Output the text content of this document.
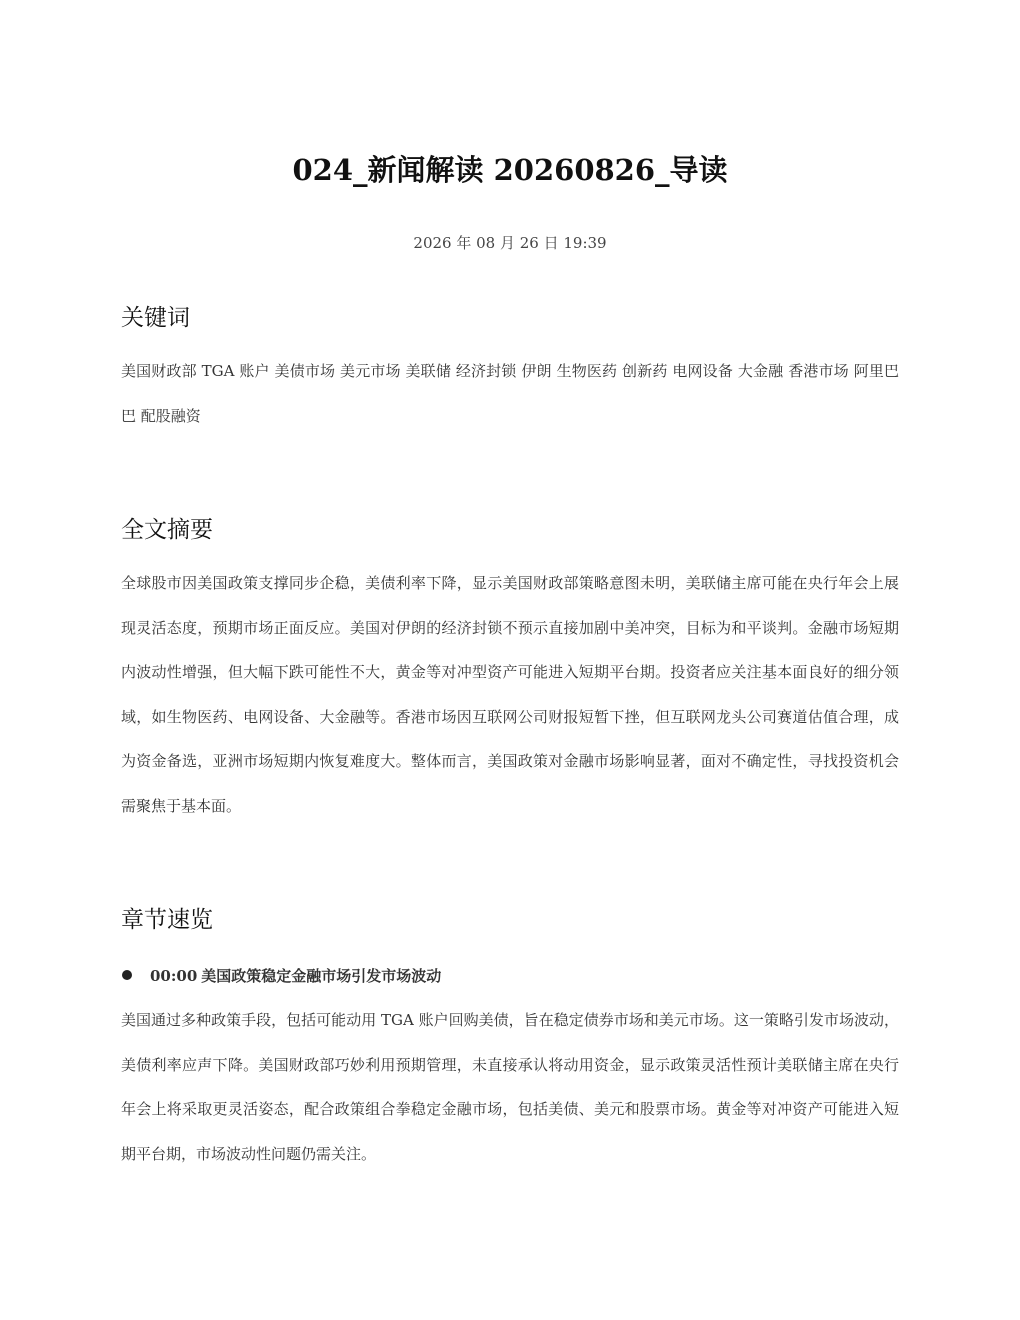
024_新闻解读 20260826_导读
2026 年 08 月 26 日 19:39
关键词

美国财政部 TGA 账户 美债市场 美元市场 美联储 经济封锁 伊朗 生物医药 创新药 电网设备 大金融 香港市场 阿里巴巴 配股融资

全文摘要

全球股市因美国政策支撑同步企稳，美债利率下降，显示美国财政部策略意图未明，美联储主席可能在央行年会上展现灵活态度，预期市场正面反应。美国对伊朗的经济封锁不预示直接加剧中美冲突，目标为和平谈判。金融市场短期内波动性增强，但大幅下跌可能性不大，黄金等对冲型资产可能进入短期平台期。投资者应关注基本面良好的细分领域，如生物医药、电网设备、大金融等。香港市场因互联网公司财报短暂下挫，但互联网龙头公司赛道估值合理，成为资金备选，亚洲市场短期内恢复难度大。整体而言，美国政策对金融市场影响显著，面对不确定性，寻找投资机会需聚焦于基本面。

章节速览
00:00 美国政策稳定金融市场引发市场波动

美国通过多种政策手段，包括可能动用 TGA 账户回购美债，旨在稳定债券市场和美元市场。这一策略引发市场波动，美债利率应声下降。美国财政部巧妙利用预期管理，未直接承认将动用资金，显示政策灵活性预计美联储主席在央行年会上将采取更灵活姿态，配合政策组合拳稳定金融市场，包括美债、美元和股票市场。黄金等对冲资产可能进入短期平台期，市场波动性问题仍需关注。
